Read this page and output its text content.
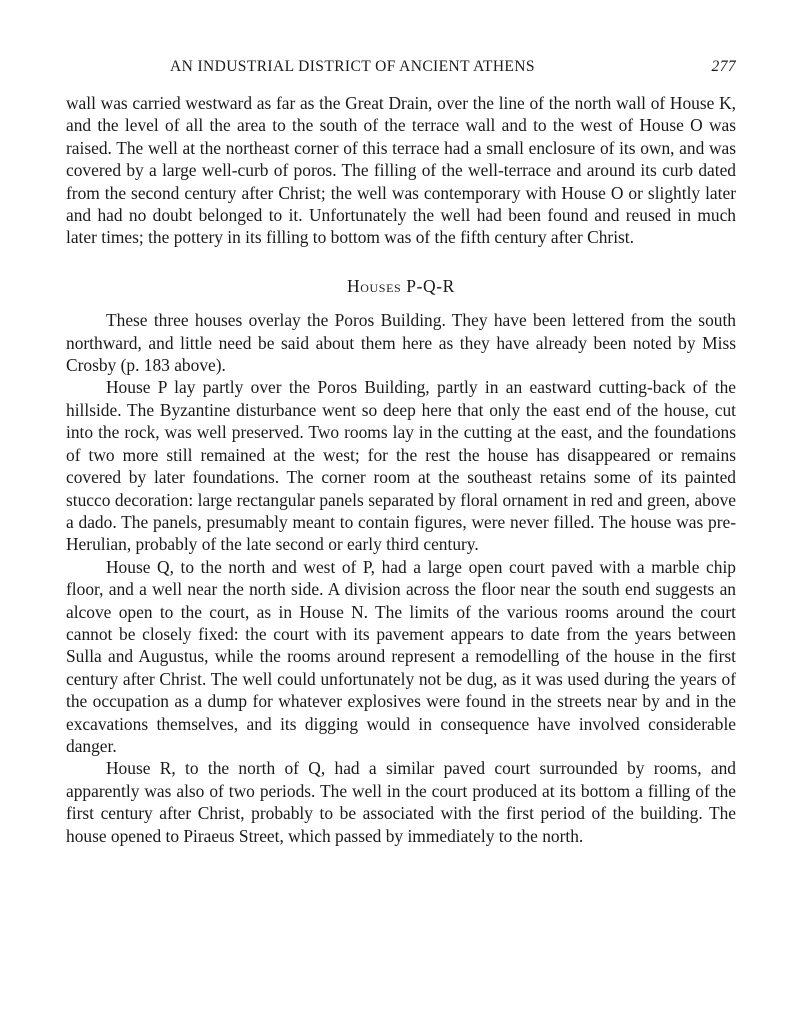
AN INDUSTRIAL DISTRICT OF ANCIENT ATHENS	277

wall was carried westward as far as the Great Drain, over the line of the north wall of House K, and the level of all the area to the south of the terrace wall and to the west of House O was raised. The well at the northeast corner of this terrace had a small enclosure of its own, and was covered by a large well-curb of poros. The filling of the well-terrace and around its curb dated from the second century after Christ; the well was contemporary with House O or slightly later and had no doubt belonged to it. Unfortunately the well had been found and reused in much later times; the pottery in its filling to bottom was of the fifth century after Christ.

Houses P-Q-R

These three houses overlay the Poros Building. They have been lettered from the south northward, and little need be said about them here as they have already been noted by Miss Crosby (p. 183 above).

House P lay partly over the Poros Building, partly in an eastward cutting-back of the hillside. The Byzantine disturbance went so deep here that only the east end of the house, cut into the rock, was well preserved. Two rooms lay in the cutting at the east, and the foundations of two more still remained at the west; for the rest the house has disappeared or remains covered by later foundations. The corner room at the southeast retains some of its painted stucco decoration: large rectangular panels separated by floral ornament in red and green, above a dado. The panels, presumably meant to contain figures, were never filled. The house was pre-Herulian, probably of the late second or early third century.

House Q, to the north and west of P, had a large open court paved with a marble chip floor, and a well near the north side. A division across the floor near the south end suggests an alcove open to the court, as in House N. The limits of the various rooms around the court cannot be closely fixed: the court with its pavement appears to date from the years between Sulla and Augustus, while the rooms around represent a remodelling of the house in the first century after Christ. The well could unfortunately not be dug, as it was used during the years of the occupation as a dump for whatever explosives were found in the streets near by and in the excavations themselves, and its digging would in consequence have involved considerable danger.

House R, to the north of Q, had a similar paved court surrounded by rooms, and apparently was also of two periods. The well in the court produced at its bottom a filling of the first century after Christ, probably to be associated with the first period of the building. The house opened to Piraeus Street, which passed by immediately to the north.
